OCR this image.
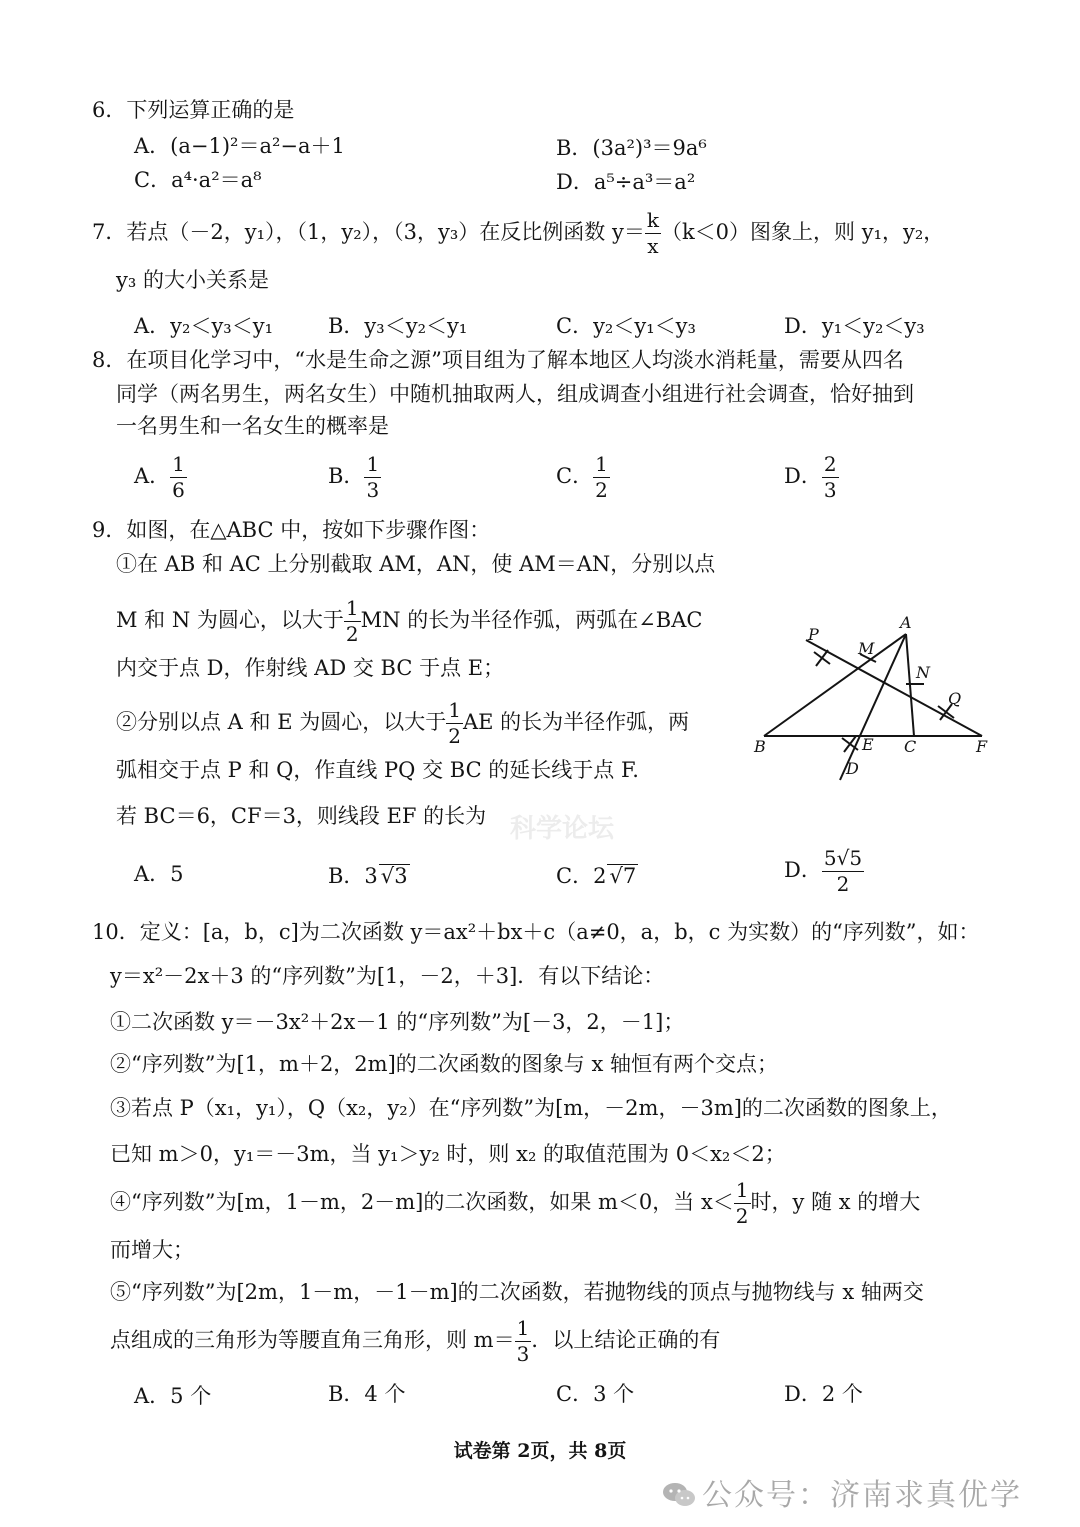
科学论坛
6．下列运算正确的是
A．(a−1)²＝a²−a＋1	B．(3a²)³＝9a⁶
C．a⁴·a²＝a⁸	D．a⁵÷a³＝a²
7．若点（－2，y₁），（1，y₂），（3，y₃）在反比例函数 $y= \frac{k}{x} (k<0)$图象上，则 y₁，y₂，
y₃ 的大小关系是
A．y₂＜y₃＜y₁	B．y₃＜y₂＜y₁	C．y₂＜y₁＜y₃	D．y₁＜y₂＜y₃
8．在项目化学习中，“水是生命之源”项目组为了解本地区人均淡水消耗量，需要从四名
同学（两名男生，两名女生）中随机抽取两人，组成调查小组进行社会调查，恰好抽到
一名男生和一名女生的概率是
A． $\frac{1}{6}$	B． $\frac{1}{3}$	C． $\frac{1}{2}$	D． $\frac{2}{3}$
9．如图，在△ABC 中，按如下步骤作图：
①在 AB 和 AC 上分别截取 AM，AN，使 AM＝AN，分别以点
M 和 N 为圆心，以大于 $\frac{1}{2}$ MN 的长为半径作弧，两弧在∠BAC
内交于点 D，作射线 AD 交 BC 于点 E；
②分别以点 A 和 E 为圆心，以大于 $\frac{1}{2}$ AE 的长为半径作弧，两
弧相交于点 P 和 Q，作直线 PQ 交 BC 的延长线于点 F.
若 BC＝6，CF＝3，则线段 EF 的长为
A
B	C
D
E	F
M
N
P
Q
A．5	B．3 √3	C．2 √7	D． $\frac{5√5}{2}$
10．定义：[a，b，c]为二次函数 y＝ax²＋bx＋c（a≠0，a，b，c 为实数）的“序列数”，如：
y＝x²－2x＋3 的“序列数”为[1，－2，＋3]．有以下结论：
①二次函数 y＝－3x²＋2x－1 的“序列数”为[－3，2，－1]；
②“序列数”为[1，m＋2，2m]的二次函数的图象与 x 轴恒有两个交点；
③若点 P（x₁，y₁），Q（x₂，y₂）在“序列数”为[m，－2m，－3m]的二次函数的图象上，
已知 m＞0，y₁＝－3m，当 y₁＞y₂ 时，则 x₂ 的取值范围为 0＜x₂＜2；
④“序列数”为[m，1－m，2－m]的二次函数，如果 m＜0，当 $x< \frac{1}{2}$ 时，y 随 x 的增大
而增大；
⑤“序列数”为[2m，1－m，－1－m]的二次函数，若抛物线的顶点与抛物线与 x 轴两交
点组成的三角形为等腰直角三角形，则 $m= \frac{1}{3}$ ．以上结论正确的有
A．5 个	B．4 个	C．3 个	D．2 个
试卷第 2页，共 8页
公众号：济南求真优学
